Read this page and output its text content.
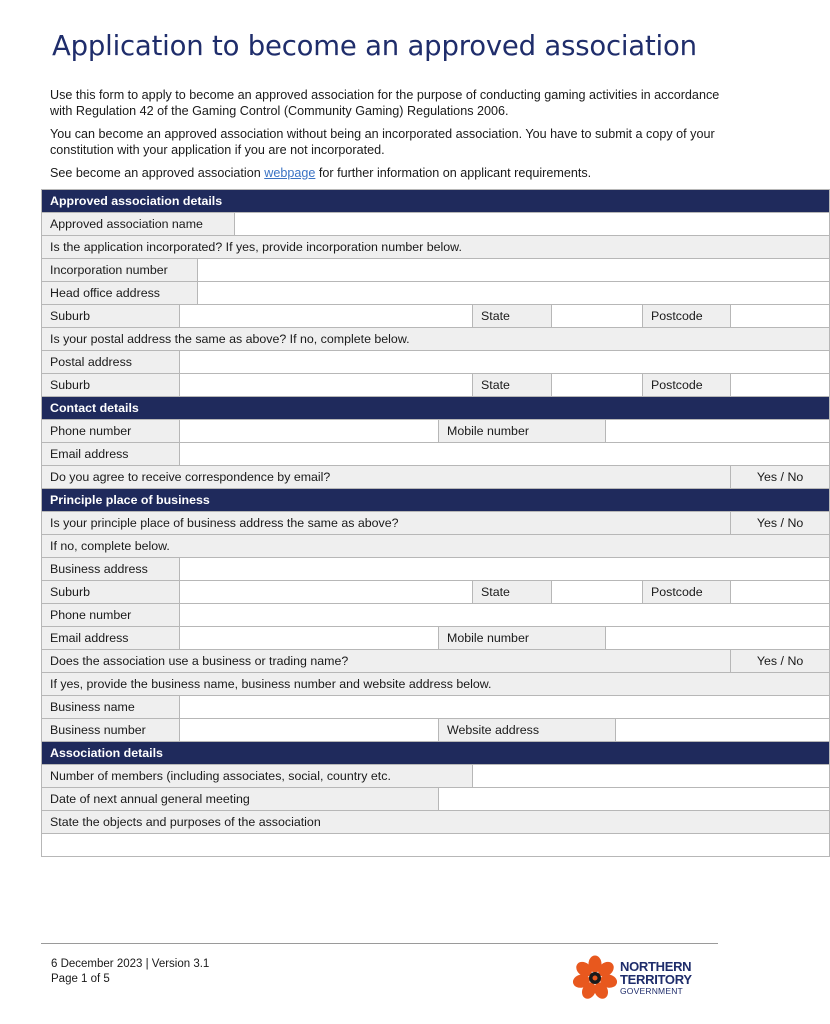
Application to become an approved association

Use this form to apply to become an approved association for the purpose of conducting gaming activities in accordance with Regulation 42 of the Gaming Control (Community Gaming) Regulations 2006.

You can become an approved association without being an incorporated association. You have to submit a copy of your constitution with your application if you are not incorporated.

See become an approved association webpage for further information on applicant requirements.

Approved association details										
Approved association name										
Is the application incorporated? If yes, provide incorporation number below.										
Incorporation number										
Head office address										
Suburb					State				Postcode	
Is your postal address the same as above? If no, complete below.										
Postal address										
Suburb					State				Postcode	
Contact details										
Phone number				Mobile number						
Email address										
Do you agree to receive correspondence by email?										Yes / No
Principle place of business										
Is your principle place of business address the same as above?										Yes / No
If no, complete below.										
Business address										
Suburb					State				Postcode	
Phone number										
Email address				Mobile number						
Does the association use a business or trading name?										Yes / No
If yes, provide the business name, business number and website address below.										
Business name										
Business number				Website address						
Association details										
Number of members (including associates, social, country etc.										
Date of next annual general meeting										
State the objects and purposes of the association										

6 December 2023 | Version 3.1
Page 1 of 5
NORTHERN
TERRITORY
GOVERNMENT
